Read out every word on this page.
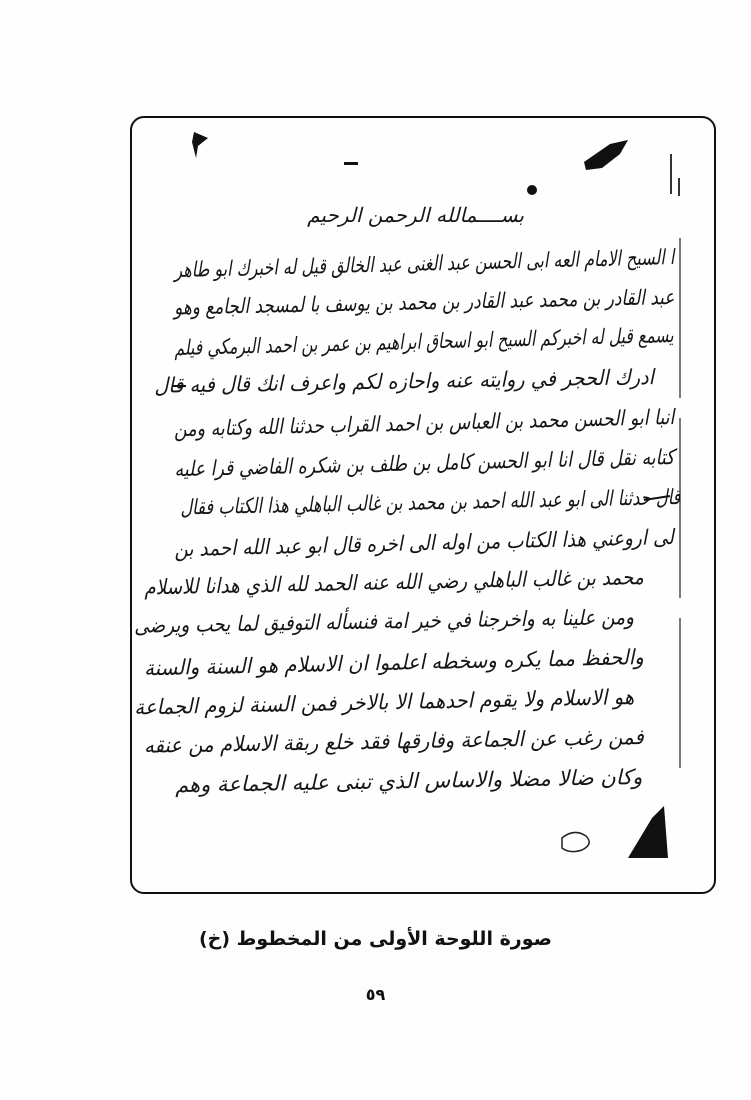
بســــمالله الرحمن الرحيم
ا السيح الامام العه ابى الحسن عبد الغنى عبد الخالق قيل له اخبرك ابو طاهر
عبد القادر بن محمد عبد القادر بن محمد بن يوسف با لمسجد الجامع وهو
يسمع قيل له اخبركم السيح ابو اسحاق ابراهيم بن عمر بن احمد البرمكي فيلم
ادرك الحجر في روايته عنه واحازه لكم واعرف انك قال فيه قال
انبا ابو الحسن محمد بن العباس بن احمد القراب حدثنا الله وكتابه ومن
كتابه نقل قال انا ابو الحسن كامل بن طلف بن شكره الفاضي قرا عليه
قال حدثنا الى ابو عبد الله احمد بن محمد بن غالب الباهلي هذا الكتاب فقال
لى اروعني هذا الكتاب من اوله الى اخره قال ابو عبد الله احمد بن
محمد بن غالب الباهلي رضي الله عنه الحمد لله الذي هدانا للاسلام
ومن علينا به واخرجنا في خير امة فنسأله التوفيق لما يحب ويرضى
والحفظ مما يكره وسخطه اعلموا ان الاسلام هو السنة والسنة
هو الاسلام ولا يقوم احدهما الا بالاخر فمن السنة لزوم الجماعة
فمن رغب عن الجماعة وفارقها فقد خلع ربقة الاسلام من عنقه
وكان ضالا مضلا والاساس الذي تبنى عليه الجماعة وهم
صورة اللوحة الأولى من المخطوط (خ)
٥٩
